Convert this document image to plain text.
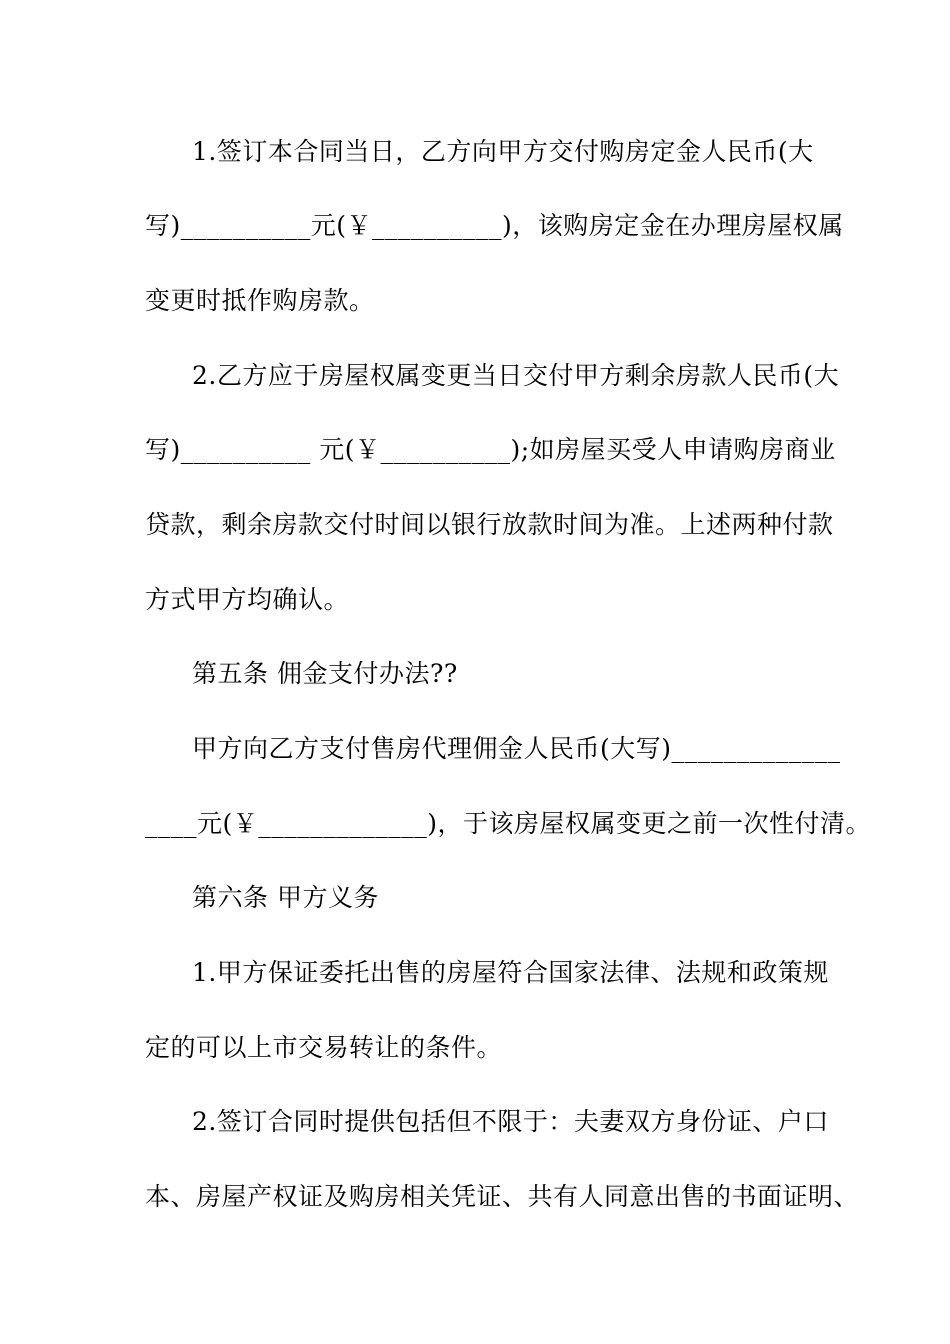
1.签订本合同当日，乙方向甲方交付购房定金人民币(大
写)__________元(￥__________)，该购房定金在办理房屋权属
变更时抵作购房款。
2.乙方应于房屋权属变更当日交付甲方剩余房款人民币(大
写)__________ 元(￥__________);如房屋买受人申请购房商业
贷款，剩余房款交付时间以银行放款时间为准。上述两种付款
方式甲方均确认。
第五条 佣金支付办法??
甲方向乙方支付售房代理佣金人民币(大写)_____________
____元(￥_____________)，于该房屋权属变更之前一次性付清。
第六条 甲方义务
1.甲方保证委托出售的房屋符合国家法律、法规和政策规
定的可以上市交易转让的条件。
2.签订合同时提供包括但不限于：夫妻双方身份证、户口
本、房屋产权证及购房相关凭证、共有人同意出售的书面证明、
